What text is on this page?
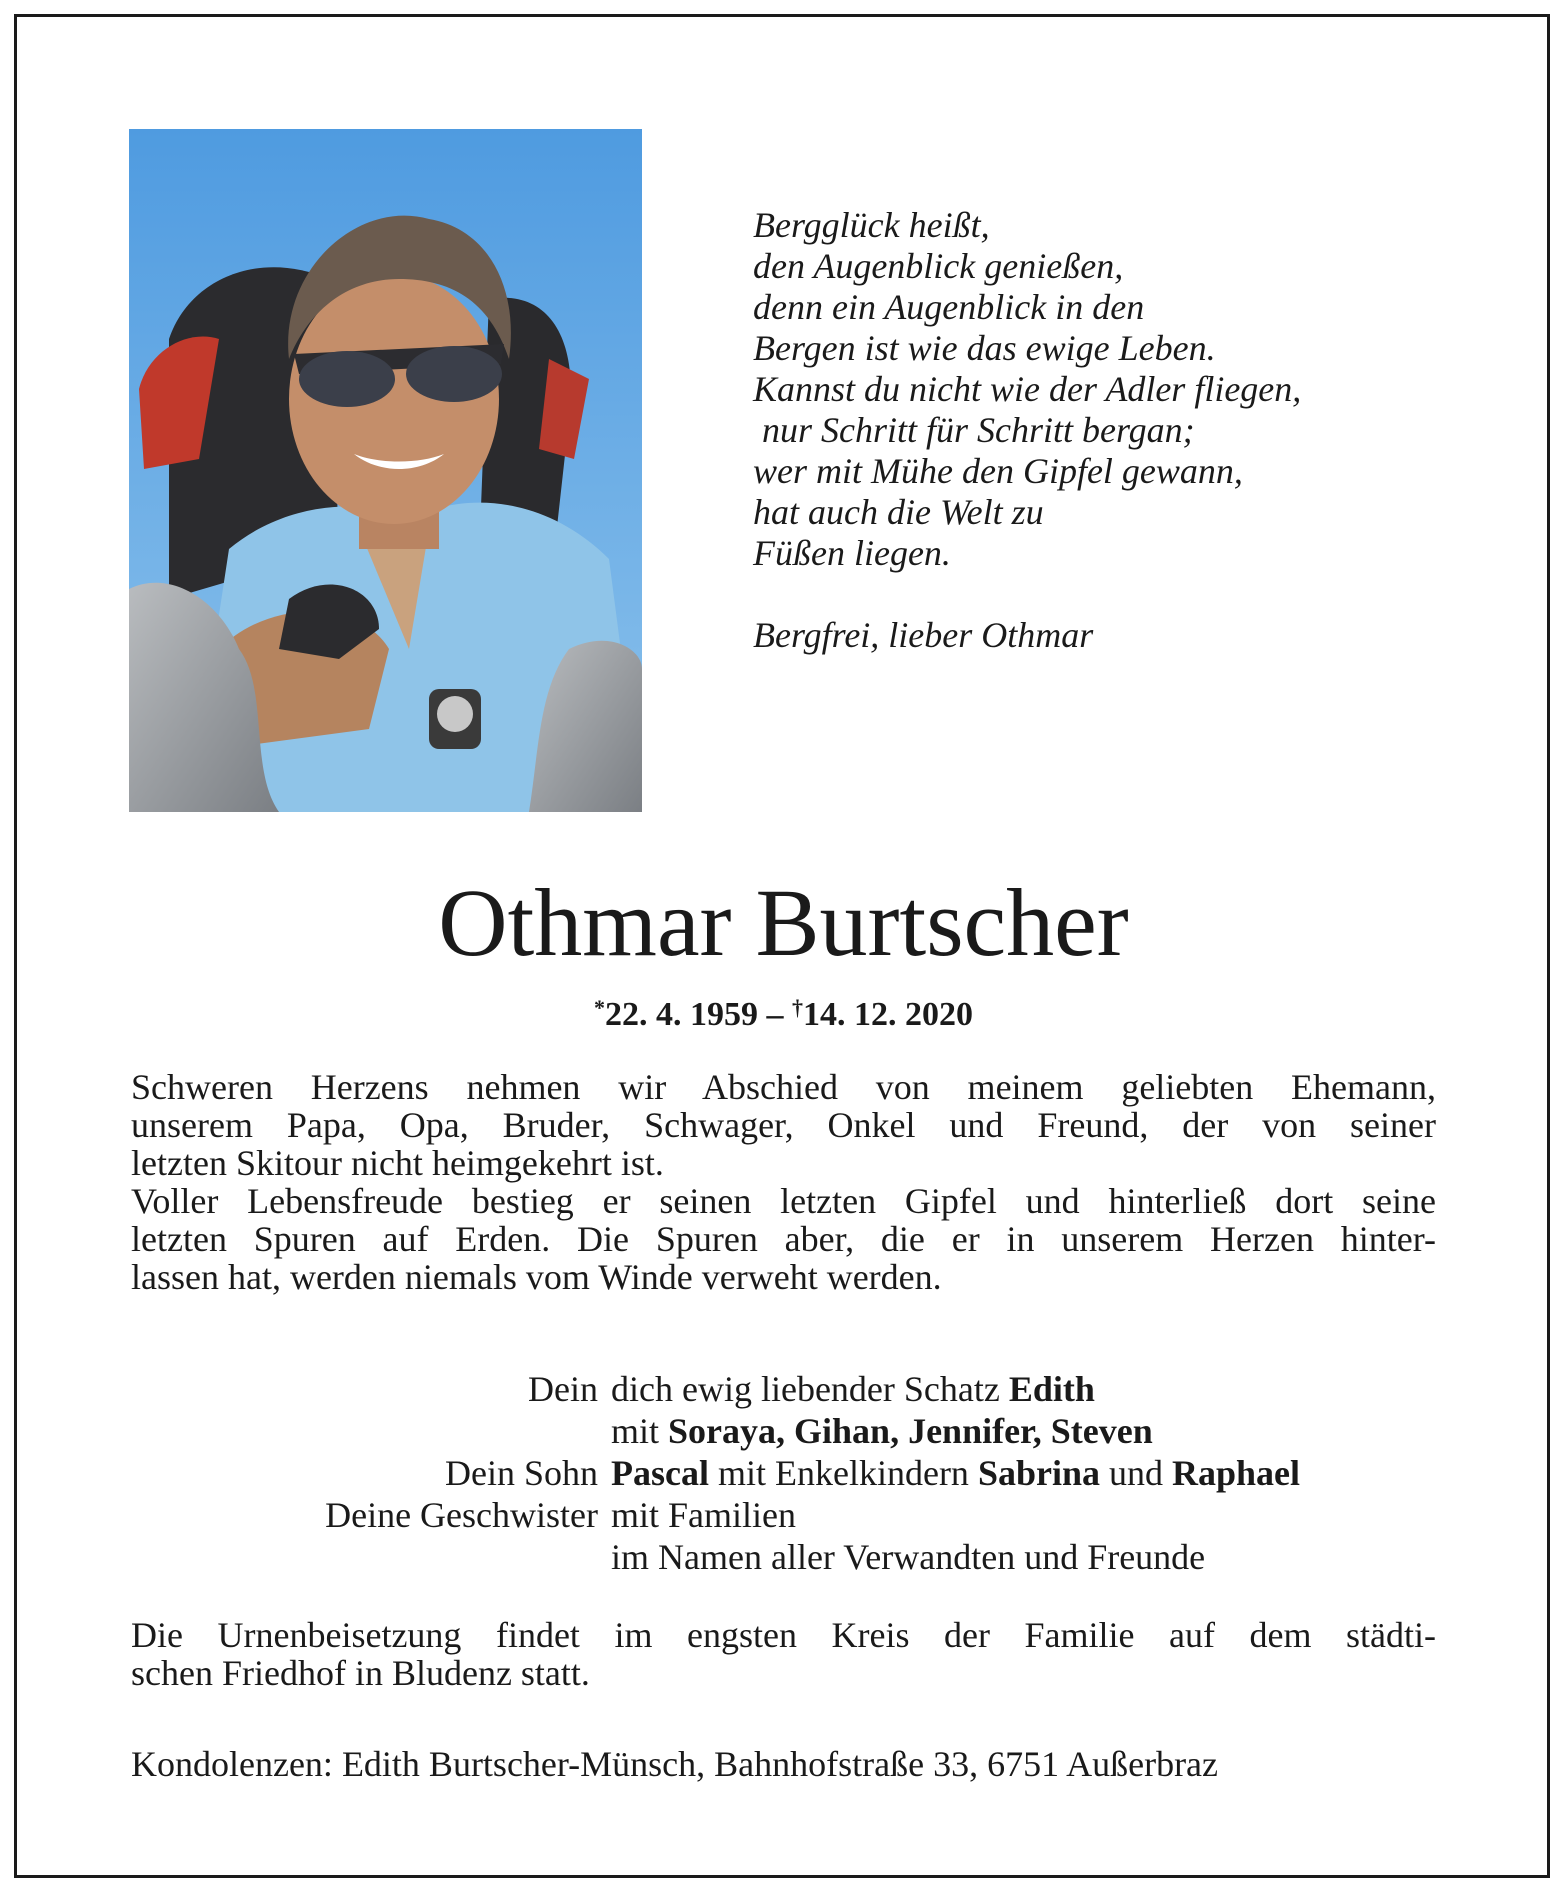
Bergglück heißt,
den Augenblick genießen,
denn ein Augenblick in den
Bergen ist wie das ewige Leben.
Kannst du nicht wie der Adler fliegen,
nur Schritt für Schritt bergan;
wer mit Mühe den Gipfel gewann,
hat auch die Welt zu
Füßen liegen.
Bergfrei, lieber Othmar
Othmar Burtscher
*22. 4. 1959 – †14. 12. 2020
Schweren Herzens nehmen wir Abschied von meinem geliebten Ehemann,
unserem Papa, Opa, Bruder, Schwager, Onkel und Freund, der von seiner
letzten Skitour nicht heimgekehrt ist.
Voller Lebensfreude bestieg er seinen letzten Gipfel und hinterließ dort seine
letzten Spuren auf Erden. Die Spuren aber, die er in unserem Herzen hinter-
lassen hat, werden niemals vom Winde verweht werden.
Dein dich ewig liebender Schatz Edith
mit Soraya, Gihan, Jennifer, Steven
Dein Sohn Pascal mit Enkelkindern Sabrina und Raphael
Deine Geschwister mit Familien
im Namen aller Verwandten und Freunde
Die Urnenbeisetzung findet im engsten Kreis der Familie auf dem städti-
schen Friedhof in Bludenz statt.
Kondolenzen: Edith Burtscher-Münsch, Bahnhofstraße 33, 6751 Außerbraz
